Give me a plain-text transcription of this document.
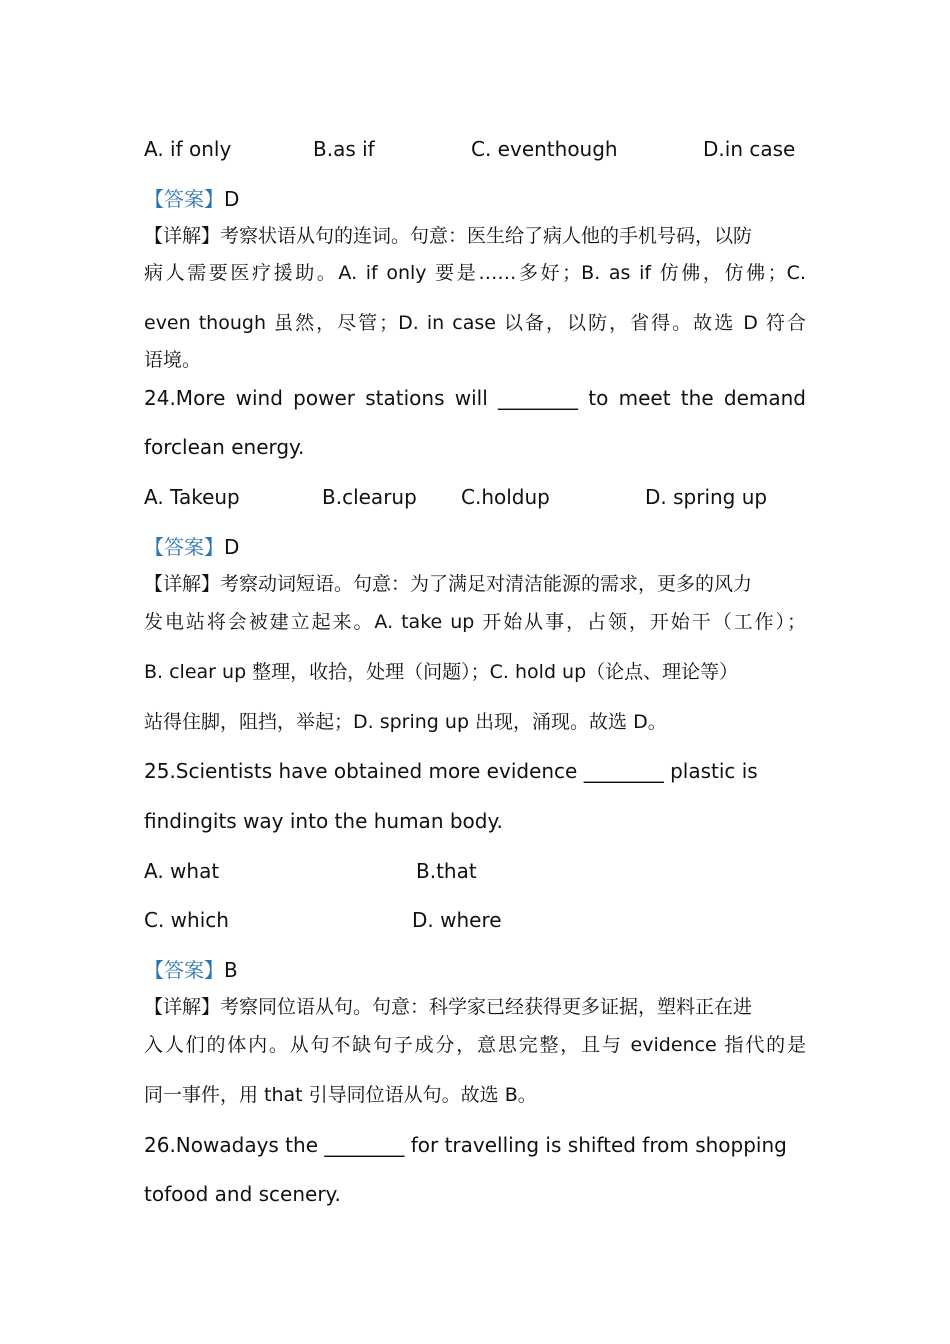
A. if only	B.as if	C. eventhough	D.in case
【答案】D
【详解】考察状语从句的连词。句意：医生给了病人他的手机号码，以防
病人需要医疗援助。A. if only 要是……多好；B. as if 仿佛，仿佛；C.
even though 虽然，尽管；D. in case 以备，以防，省得。故选 D 符合
语境。
24.More wind power stations will ________ to meet the demand
forclean energy.
A. Takeup	B.clearup C.holdup	D. spring up
【答案】D
【详解】考察动词短语。句意：为了满足对清洁能源的需求，更多的风力
发电站将会被建立起来。A. take up 开始从事，占领，开始干（工作）；
B. clear up 整理，收拾，处理（问题）；C. hold up（论点、理论等）
站得住脚，阻挡，举起；D. spring up 出现，涌现。故选 D。
25.Scientists have obtained more evidence ________ plastic is
findingits way into the human body.
A. what	B.that
C. which	D. where
【答案】B
【详解】考察同位语从句。句意：科学家已经获得更多证据，塑料正在进
入人们的体内。从句不缺句子成分，意思完整，且与 evidence 指代的是
同一事件，用 that 引导同位语从句。故选 B。
26.Nowadays the ________ for travelling is shifted from shopping
tofood and scenery.
